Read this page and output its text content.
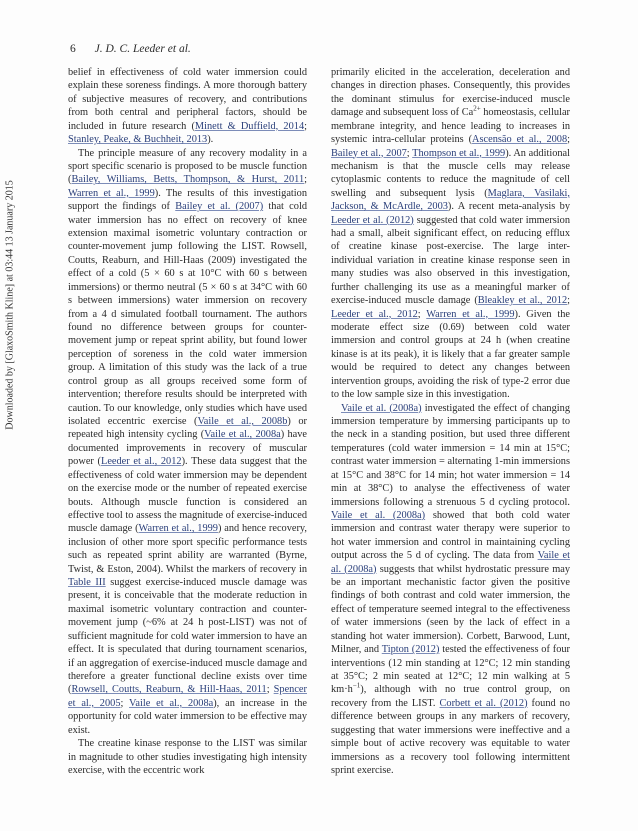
6 J. D. C. Leeder et al.
Downloaded by [GlaxoSmith Kline] at 03:44 13 January 2015

belief in effectiveness of cold water immersion could explain these soreness findings. A more thorough battery of subjective measures of recovery, and contributions from both central and peripheral factors, should be included in future research (Minett & Duffield, 2014; Stanley, Peake, & Buchheit, 2013).

The principle measure of any recovery modality in a sport specific scenario is proposed to be muscle function (Bailey, Williams, Betts, Thompson, & Hurst, 2011; Warren et al., 1999). The results of this investigation support the findings of Bailey et al. (2007) that cold water immersion has no effect on recovery of knee extension maximal isometric voluntary contraction or counter-movement jump following the LIST. Rowsell, Coutts, Reaburn, and Hill-Haas (2009) investigated the effect of a cold (5 × 60 s at 10°C with 60 s between immersions) or thermo neutral (5 × 60 s at 34°C with 60 s between immersions) water immersion on recovery from a 4 d simulated football tournament. The authors found no difference between groups for counter-movement jump or repeat sprint ability, but found lower perception of soreness in the cold water immersion group. A limitation of this study was the lack of a true control group as all groups received some form of intervention; therefore results should be interpreted with caution. To our knowledge, only studies which have used isolated eccentric exercise (Vaile et al., 2008b) or repeated high intensity cycling (Vaile et al., 2008a) have documented improvements in recovery of muscular power (Leeder et al., 2012). These data suggest that the effectiveness of cold water immersion may be dependent on the exercise mode or the number of repeated exercise bouts. Although muscle function is considered an effective tool to assess the magnitude of exercise-induced muscle damage (Warren et al., 1999) and hence recovery, inclusion of other more sport specific performance tests such as repeated sprint ability are warranted (Byrne, Twist, & Eston, 2004). Whilst the markers of recovery in Table III suggest exercise-induced muscle damage was present, it is conceivable that the moderate reduction in maximal isometric voluntary contraction and counter-movement jump (~6% at 24 h post-LIST) was not of sufficient magnitude for cold water immersion to have an effect. It is speculated that during tournament scenarios, if an aggregation of exercise-induced muscle damage and therefore a greater functional decline exists over time (Rowsell, Coutts, Reaburn, & Hill-Haas, 2011; Spencer et al., 2005; Vaile et al., 2008a), an increase in the opportunity for cold water immersion to be effective may exist.

The creatine kinase response to the LIST was similar in magnitude to other studies investigating high intensity exercise, with the eccentric work

primarily elicited in the acceleration, deceleration and changes in direction phases. Consequently, this provides the dominant stimulus for exercise-induced muscle damage and subsequent loss of $Ca^{2+}$ homeostasis, cellular membrane integrity, and hence leading to increases in systemic intra-cellular proteins (Ascensão et al., 2008; Bailey et al., 2007; Thompson et al., 1999). An additional mechanism is that the muscle cells may release cytoplasmic contents to reduce the magnitude of cell swelling and subsequent lysis (Maglara, Vasilaki, Jackson, & McArdle, 2003). A recent meta-analysis by Leeder et al. (2012) suggested that cold water immersion had a small, albeit significant effect, on reducing efflux of creatine kinase post-exercise. The large inter-individual variation in creatine kinase response seen in many studies was also observed in this investigation, further challenging its use as a meaningful marker of exercise-induced muscle damage (Bleakley et al., 2012; Leeder et al., 2012; Warren et al., 1999). Given the moderate effect size (0.69) between cold water immersion and control groups at 24 h (when creatine kinase is at its peak), it is likely that a far greater sample would be required to detect any changes between intervention groups, avoiding the risk of type-2 error due to the low sample size in this investigation.

Vaile et al. (2008a) investigated the effect of changing immersion temperature by immersing participants up to the neck in a standing position, but used three different temperatures (cold water immersion = 14 min at 15°C; contrast water immersion = alternating 1-min immersions at 15°C and 38°C for 14 min; hot water immersion = 14 min at 38°C) to analyse the effectiveness of water immersions following a strenuous 5 d cycling protocol. Vaile et al. (2008a) showed that both cold water immersion and contrast water therapy were superior to hot water immersion and control in maintaining cycling output across the 5 d of cycling. The data from Vaile et al. (2008a) suggests that whilst hydrostatic pressure may be an important mechanistic factor given the positive findings of both contrast and cold water immersion, the effect of temperature seemed integral to the effectiveness of water immersions (seen by the lack of effect in a standing hot water immersion). Corbett, Barwood, Lunt, Milner, and Tipton (2012) tested the effectiveness of four interventions (12 min standing at 12°C; 12 min standing at 35°C; 2 min seated at 12°C; 12 min walking at 5 $km\cdot h^{-1}$), although with no true control group, on recovery from the LIST. Corbett et al. (2012) found no difference between groups in any markers of recovery, suggesting that water immersions were ineffective and a simple bout of active recovery was equitable to water immersions as a recovery tool following intermittent sprint exercise.
